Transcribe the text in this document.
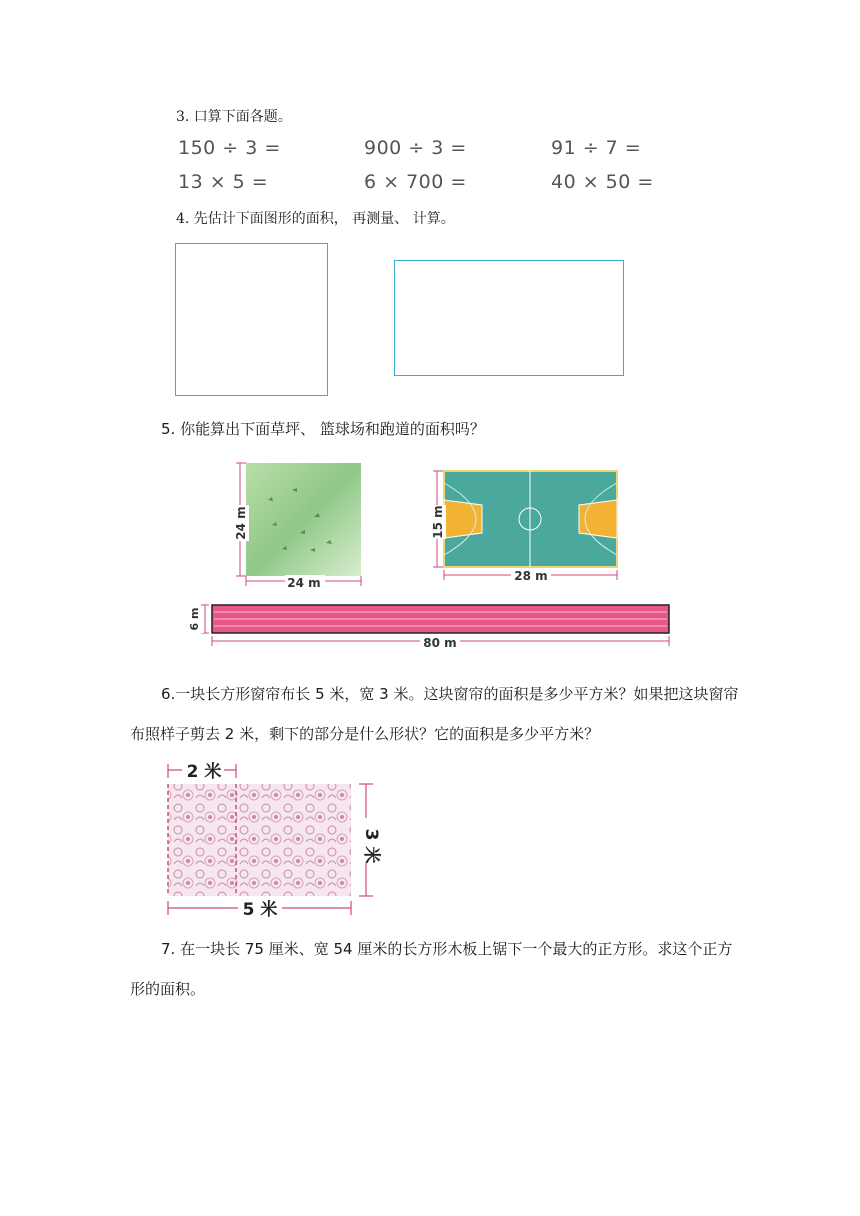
3. 口算下面各题。
150 ÷ 3 =	900 ÷ 3 =	91 ÷ 7 =
13 × 5 =	6 × 700 =	40 × 50 =
4. 先估计下面图形的面积， 再测量、 计算。
5. 你能算出下面草坪、 篮球场和跑道的面积吗？
24 m
24 m
15 m
28 m
6 m
80 m
6.一块长方形窗帘布长 5 米，宽 3 米。这块窗帘的面积是多少平方米？如果把这块窗帘
布照样子剪去 2 米，剩下的部分是什么形状？它的面积是多少平方米？
2 米
3 米
5 米
7. 在一块长 75 厘米、宽 54 厘米的长方形木板上锯下一个最大的正方形。求这个正方
形的面积。
